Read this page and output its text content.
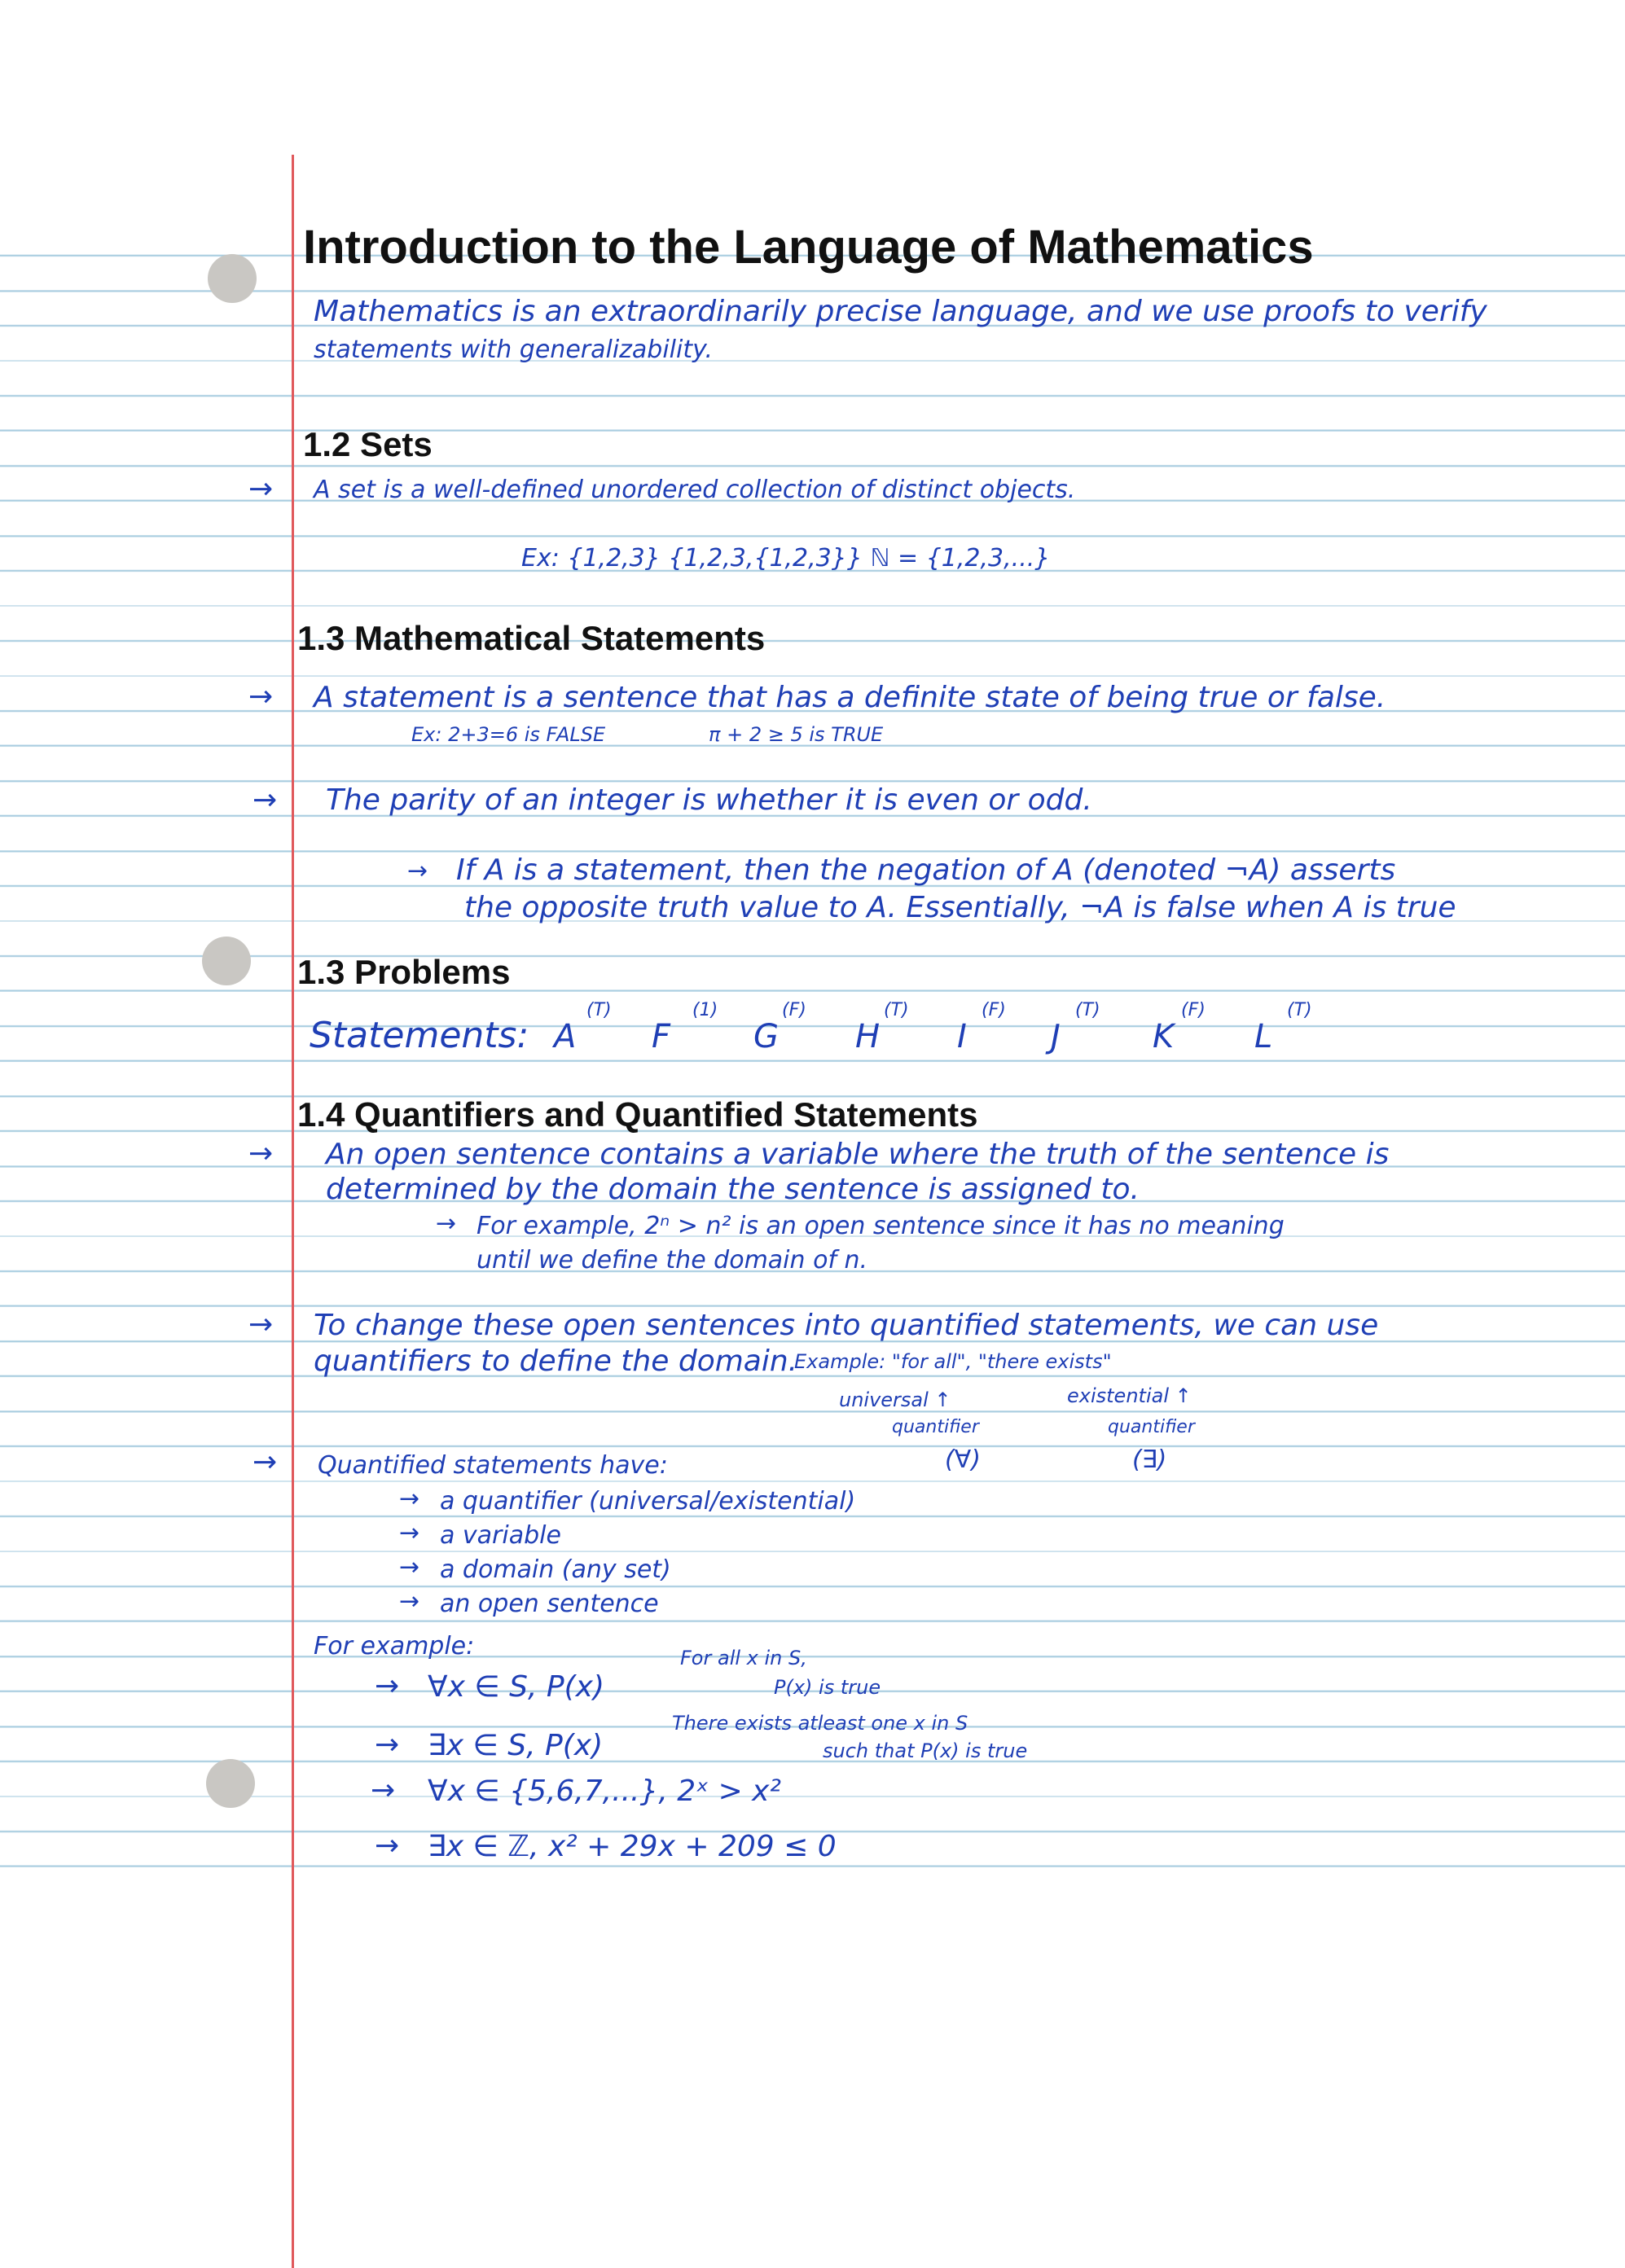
Introduction to the Language of Mathematics
Mathematics is an extraordinarily precise language, and we use proofs to verify
statements with generalizability.
1.2 Sets
→ A set is a well-defined unordered collection of distinct objects.
Ex: {1,2,3} {1,2,3,{1,2,3}} ℕ = {1,2,3,...}
1.3 Mathematical Statements
→ A statement is a sentence that has a definite state of being true or false.
Ex: 2+3=6 is FALSE	π + 2 ≥ 5 is TRUE
→ The parity of an integer is whether it is even or odd.
→ If A is a statement, then the negation of A (denoted ¬A) asserts
the opposite truth value to A. Essentially, ¬A is false when A is true
1.3 Problems
Statements: A
(T)
F
(1)
G
(F)
H
(T)
I
(F)
J
(T)
K
(F)
L
(T)
1.4 Quantifiers and Quantified Statements
→ An open sentence contains a variable where the truth of the sentence is
determined by the domain the sentence is assigned to.
→ For example, 2ⁿ > n² is an open sentence since it has no meaning
until we define the domain of n.
→ To change these open sentences into quantified statements, we can use
quantifiers to define the domain.
Example: "for all", "there exists"
universal ↑
quantifier
(∀)
existential ↑
quantifier
(∃)
→ Quantified statements have:
→ a quantifier (universal/existential)
→ a variable
→ a domain (any set)
→ an open sentence
For example:
→ ∀x ∈ S, P(x)
For all x in S,
P(x) is true
→ ∃x ∈ S, P(x)
There exists atleast one x in S
such that P(x) is true
→ ∀x ∈ {5,6,7,...}, 2ˣ > x²
→ ∃x ∈ ℤ, x² + 29x + 209 ≤ 0
